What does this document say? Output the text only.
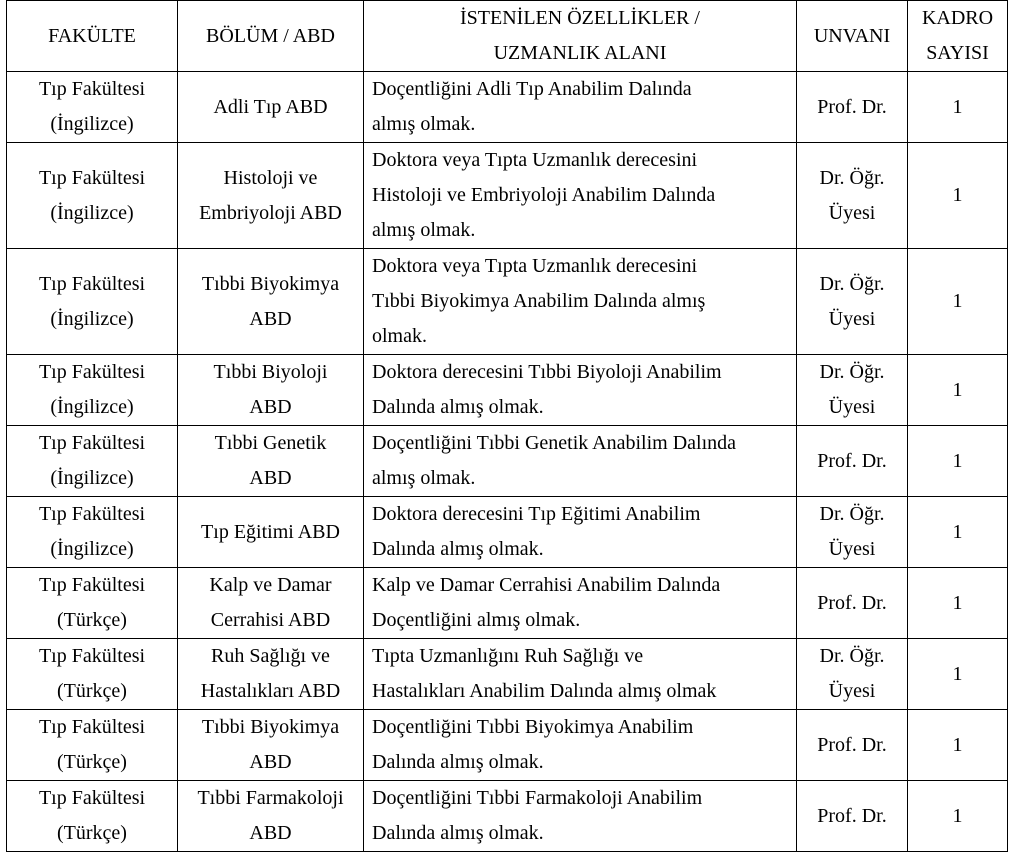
FAKÜLTE	BÖLÜM / ABD	İSTENİLEN ÖZELLİKLER /
UZMANLIK ALANI	UNVANI	KADRO
SAYISI

Tıp Fakültesi
(İngilizce)	Adli Tıp ABD	Doçentliğini Adli Tıp Anabilim Dalında
almış olmak.	Prof. Dr.	1

Tıp Fakültesi
(İngilizce)	Histoloji ve
Embriyoloji ABD	Doktora veya Tıpta Uzmanlık derecesini
Histoloji ve Embriyoloji Anabilim Dalında
almış olmak.	Dr. Öğr.
Üyesi	1

Tıp Fakültesi
(İngilizce)	Tıbbi Biyokimya
ABD	Doktora veya Tıpta Uzmanlık derecesini
Tıbbi Biyokimya Anabilim Dalında almış
olmak.	Dr. Öğr.
Üyesi	1

Tıp Fakültesi
(İngilizce)	Tıbbi Biyoloji
ABD	Doktora derecesini Tıbbi Biyoloji Anabilim
Dalında almış olmak.	Dr. Öğr.
Üyesi	1

Tıp Fakültesi
(İngilizce)	Tıbbi Genetik
ABD	Doçentliğini Tıbbi Genetik Anabilim Dalında
almış olmak.	Prof. Dr.	1

Tıp Fakültesi
(İngilizce)	Tıp Eğitimi ABD	Doktora derecesini Tıp Eğitimi Anabilim
Dalında almış olmak.	Dr. Öğr.
Üyesi	1

Tıp Fakültesi
(Türkçe)	Kalp ve Damar
Cerrahisi ABD	Kalp ve Damar Cerrahisi Anabilim Dalında
Doçentliğini almış olmak.	Prof. Dr.	1

Tıp Fakültesi
(Türkçe)	Ruh Sağlığı ve
Hastalıkları ABD	Tıpta Uzmanlığını Ruh Sağlığı ve
Hastalıkları Anabilim Dalında almış olmak	Dr. Öğr.
Üyesi	1

Tıp Fakültesi
(Türkçe)	Tıbbi Biyokimya
ABD	Doçentliğini Tıbbi Biyokimya Anabilim
Dalında almış olmak.	Prof. Dr.	1

Tıp Fakültesi
(Türkçe)	Tıbbi Farmakoloji
ABD	Doçentliğini Tıbbi Farmakoloji Anabilim
Dalında almış olmak.	Prof. Dr.	1
